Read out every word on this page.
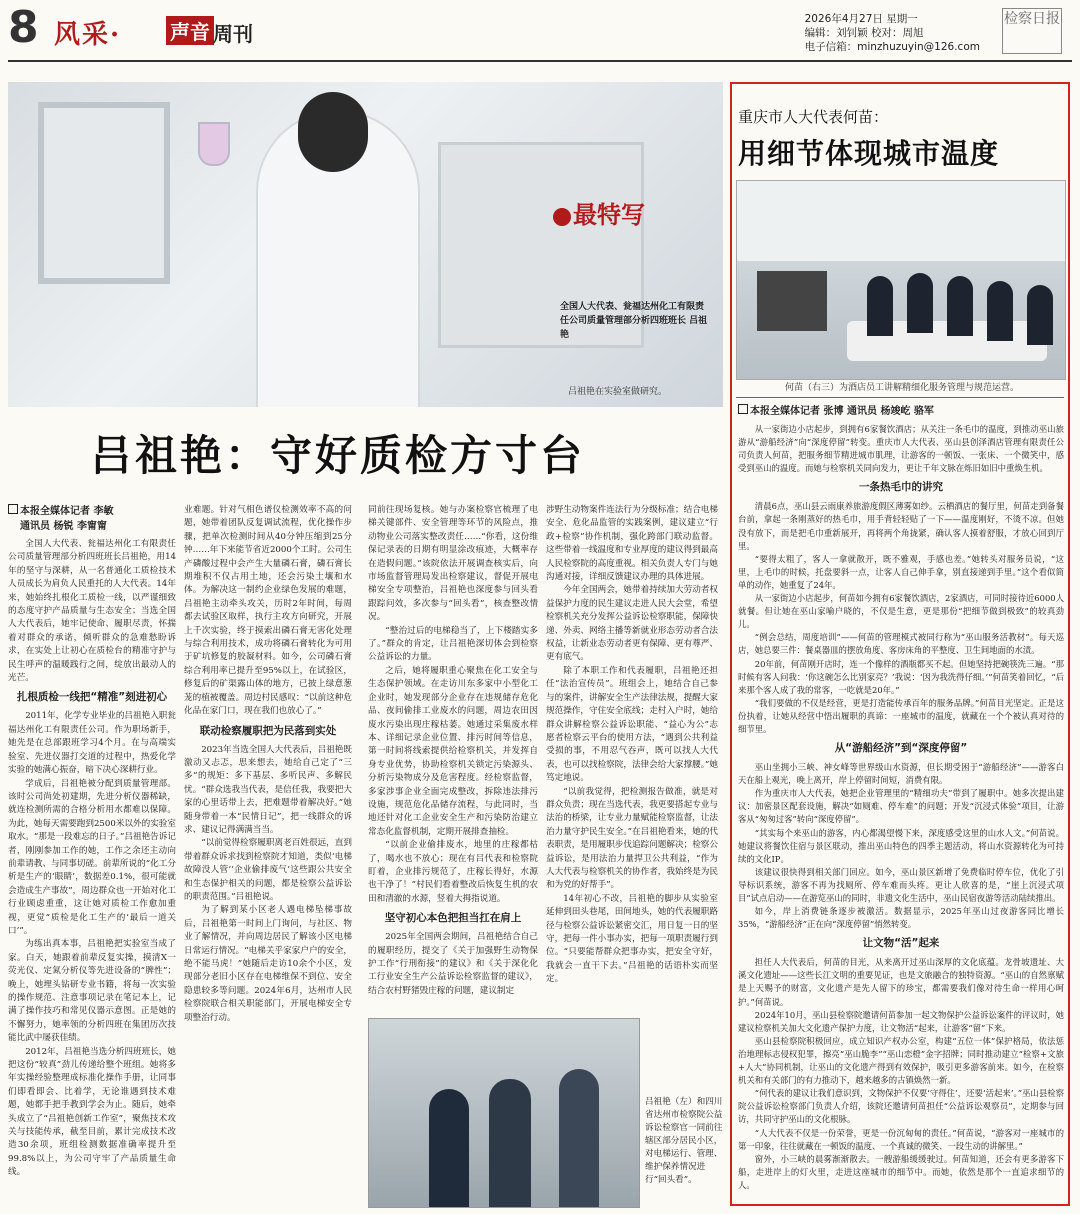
8 风采· 声音 周刊
2026年4月27日 星期一
编辑：刘钊颖 校对：周旭
电子信箱：minzhuzuyin@126.com
检察日报
最特写
全国人大代表、瓮福达州化工有限责任公司质量管理部分析四班班长 吕祖艳
吕祖艳在实验室做研究。
吕祖艳：守好质检方寸台
本报全媒体记者 李敏
通讯员 杨锐 李甯甯

全国人大代表、瓮福达州化工有限责任公司质量管理部分析四班班长吕祖艳，用14年的坚守与深耕，从一名普通化工质检技术人员成长为肩负人民重托的人大代表。14年来，她始终扎根化工质检一线，以严谨细致的态度守护产品质量与生态安全；当选全国人大代表后，她牢记使命、履职尽责，怀揣着对群众的承诺，倾听群众的急难愁盼诉求，在实处上让初心在质检台的精准守护与民生呼声的温暖践行之间，绽放出最动人的光芒。

扎根质检一线把“精准”刻进初心

2011年，化学专业毕业的吕祖艳入职瓮福达州化工有限责任公司。作为职场新手，她先是在总部跟班学习4个月。在与高端实验室、先进仪器打交道的过程中，热爱化学实验的她满心振奋，暗下决心深耕行业。

学成后，吕祖艳被分配到质量管理部。该时公司尚处初建期，先进分析仪器稀缺，就连检测所需的合格分析用水都难以保障。为此，她每天需要跑到2500米以外的实验室取水。“那是一段难忘的日子。”吕祖艳告诉记者，刚刚参加工作的她，工作之余还主动向前辈请教、与同事切磋。前辈所说的“化工分析是生产的‘眼睛’，数据差0.1%，很可能就会造成生产事故”，周边群众也一开始对化工行业顾虑重重，这让她对质检工作愈加重视，更觉“质检是化工生产的‘最后一道关口’”。

为练出真本事，吕祖艳把实验室当成了家。白天，她跟着前辈反复实操，摸清X一荧光仪、定氮分析仪等先进设备的“脾性”；晚上，她埋头钻研专业书籍，将每一次实验的操作规范、注意事项记录在笔记本上，记满了操作技巧和常见仪器示意图。正是她的不懈努力，她率领的分析四班在集团历次技能比武中屡获佳绩。

2012年，吕祖艳当选分析四班班长，她把这份“较真”劲儿传递给整个班组。她将多年实操经验整理成标准化操作手册，让同事们即看即会、比着学，无论谁遇到技术难题，她都手把手教到学会为止。随后，她牵头成立了“吕祖艳创新工作室”，聚焦技术攻关与技能传承，截至目前，累计完成技术改造30余项，班组检测数据准确率提升至99.8%以上，为公司守牢了产品质量生命线。

业难题。针对气相色谱仪检测效率不高的问题，她带着团队反复调试流程，优化操作步骤，把单次检测时间从40分钟压缩到25分钟……年下来能节省近2000个工时。公司生产磷酸过程中会产生大量磷石膏，磷石膏长期堆积不仅占用土地，还会污染土壤和水体。为解决这一制约企业绿色发展的难题，吕祖艳主动牵头攻关，历时2年时间，每周都去试验区取样，执行主攻方向研究，开展上千次实验，终于摸索出磷石膏无害化处理与综合利用技术，成功将磷石膏转化为可用于矿坑修复的胶凝材料。如今，公司磷石膏综合利用率已提升至95%以上，在试验区，修复后的矿渠露山体的地方，已披上绿意葱茏的植被覆盖。周边村民感叹：“以前这种危化品在家门口，现在我们也放心了。”

联动检察履职把为民落到实处

2023年当选全国人大代表后，吕祖艳既激动又忐忑，思来想去，她给自己定了“三多”的规矩：多下基层、多听民声、多解民忧。“群众选我当代表，是信任我，我要把大家的心里话带上去，把难题带着解决好。”她随身带着一本“民情日记”，把一线群众的诉求、建议记得满满当当。

“以前觉得检察履职离老百姓很远，直到带着群众诉求找到检察院才知道，类似‘电梯故障没人管’‘企业偷排废气’这些跟公共安全和生态保护相关的问题，都是检察公益诉讼的职责范围。”吕祖艳说。

为了解到某小区老人遇电梯坠梯事故后，吕祖艳第一时间上门询问，与社区、物业了解情况，并向周边居民了解该小区电梯日常运行情况。“电梯关乎家家户户的安全，绝不能马虎！”她随后走访10余个小区，发现部分老旧小区存在电梯维保不到位、安全隐患较多等问题。2024年6月，达州市人民检察院联合相关职能部门，开展电梯安全专项整治行动。

同前往现场复核。她与办案检察官梳理了电梯关键部件、安全管理等环节的风险点，推动物业公司落实整改责任……“你看，这份维保记录表的日期有明显涂改痕迹，大概率存在造假问题。”该院依法开展调查核实后，向市场监督管理局发出检察建议，督促开展电梯安全专项整治，吕祖艳也深度参与回头看跟踪问效，多次参与“回头看”，核查整改情况。

“整治过后的电梯稳当了，上下楼踏实多了。”群众的肯定，让吕祖艳深切体会到检察公益诉讼的力量。

之后，她将履职重心聚焦在化工安全与生态保护领域。在走访川东多家中小型化工企业时，她发现部分企业存在违规储存危化品、夜间偷排工业废水的问题，周边农田因废水污染出现庄稼枯萎。她通过采集废水样本、详细记录企业位置、排污时间等信息，第一时间将线索提供给检察机关，并发挥自身专业优势，协助检察机关锁定污染源头、分析污染物成分及危害程度。经检察监督，多家涉事企业全面完成整改，拆除违法排污设施，规范危化品储存流程，与此同时，当地还针对化工企业安全生产和污染防治建立常态化监督机制，定期开展排查抽检。

“以前企业偷排废水，地里的庄稼都枯了，喝水也不放心；现在有吕代表和检察院盯着，企业排污规范了，庄稼长得好，水源也干净了！”村民们看着整改后恢复生机的农田和清澈的水源，竖着大拇指说道。

坚守初心本色把担当扛在肩上

2025年全国两会期间，吕祖艳结合自己的履职经历，提交了《关于加强野生动物保护工作“行刑衔接”的建议》和《关于深化化工行业安全生产公益诉讼检察监督的建议》，结合农村野猪毁庄稼的问题，建议制定

涉野生动物案件连法行为分级标准；结合电梯安全、危化品监管的实践案例，建议建立“行政+检察”协作机制，强化跨部门联动监督。这些带着一线温度和专业厚度的建议得到最高人民检察院的高度重视。相关负责人专门与她沟通对接，详细反馈建议办理的具体进展。

今年全国两会，她带着持续加大劳动者权益保护力度的民生建议走进人民大会堂，希望检察机关充分发挥公益诉讼检察职能，保障快递、外卖、网络主播等新就业形态劳动者合法权益，让新业态劳动者更有保障、更有尊严、更有底气。

除了本职工作和代表履职，吕祖艳还担任“法治宣传员”。班组会上，她结合自己参与的案件，讲解安全生产法律法规，提醒大家规范操作，守住安全底线；走村入户时，她给群众讲解检察公益诉讼职能、“益心为公”志愿者检察云平台的使用方法，“遇到公共利益受损的事，不用忍气吞声，既可以找人大代表，也可以找检察院，法律会给大家撑腰。”她笃定地说。

“以前我觉得，把检测报告做准，就是对群众负责；现在当选代表，我更要搭起专业与法治的桥梁，让专业力量赋能检察监督，让法治力量守护民生安全。”在吕祖艳看来，她的代表职责，是用履职步伐追踪问题解决；检察公益诉讼，是用法治力量捍卫公共利益，“作为人大代表与检察机关的协作者，我始终是为民和为党的好帮手”。

14年初心不改，吕祖艳的脚步从实验室延伸到田头巷尾，田间地头，她的代表履职路径与检察公益诉讼紧密交汇，用日复一日的坚守，把每一件小事办实，把每一项职责履行到位。“只要能帮群众把事办实，把安全守好，我就会一直干下去。”吕祖艳的话语朴实而坚定。

吕祖艳（左）和四川省达州市检察院公益诉讼检察官一同前往辖区部分居民小区，对电梯运行、管理、维护保养情况进行“回头看”。
重庆市人大代表何苗：
用细节体现城市温度
何苗（右三）为酒店员工讲解精细化服务管理与规范运营。
本报全媒体记者 张博 通讯员 杨竣屹 骆军

从一家街边小店起步，到拥有6家餐饮酒店；从关注一条毛巾的温度，到推动巫山旅游从“游船经济”向“深度停留”转变。重庆市人大代表、巫山县创泽酒店管理有限责任公司负责人何苗，把服务细节精进城市肌理，让游客的一顿饭、一张床、一个微笑中，感受到巫山的温度。而她与检察机关同向发力，更让千年文脉在烁旧如旧中重焕生机。

一条热毛巾的讲究

清晨6点，巫山县云雨康养旅游度假区薄雾如纱。云栖酒店的餐厅里，何苗走到备餐台前，拿起一条刚蒸好的热毛巾，用手背轻轻贴了一下——温度刚好，不烫不凉。但她没有放下，而是把毛巾重新展开，再将两个角拢紧，确认客人摸着舒服，才放心回到厅里。

“要得太粗了，客人一拿就散开，既不雅观，手感也差。”她转头对服务员说，“这里，上毛巾的时候，托盘要斜一点，让客人自己伸手拿，别直接递到手里。”这个看似简单的动作，她重复了24年。

从一家街边小店起步，何苗如今拥有6家餐饮酒店，2家酒店，可同时接待近6000人就餐。但让她在巫山家喻户晓的，不仅是生意，更是那份“把细节做到极致”的较真劲儿。

“例会总结，周度培训”——何苗的管理模式被同行称为“巫山服务活教材”。每天巡店，她总要三件：餐桌器皿的摆放角度、客房床角的平整度、卫生间地面的水渍。

20年前，何苗刚开店时，连一个像样的酒瓶都买不起。但她坚持把碗筷洗三遍。“那时候有客人问我：‘你这碗怎么比别家亮？’我说：‘因为我洗得仔细。’”何苗笑着回忆，“后来那个客人成了我的常客，一吃就是20年。”

“我们要做的不仅是经营，更是打造能传承百年的服务品牌。”何苗目光坚定。正是这份执着，让她从经营中悟出履职的真谛：一座城市的温度，就藏在一个个被认真对待的细节里。

从“游船经济”到“深度停留”

巫山坐拥小三峡、神女峰等世界级山水资源，但长期受困于“游船经济”——游客白天在船上观光，晚上离开，岸上停留时间短，消费有限。

作为重庆市人大代表，她把企业管理里的“精细功夫”带到了履职中。她多次提出建议：加密景区配套设施，解决“如厕难、停车难”的问题；开发“沉浸式体验”项目，让游客从“匆匆过客”转向“深度停留”。

“其实每个来巫山的游客，内心都渴望慢下来，深度感受这里的山水人文。”何苗说。她建议将餐饮住宿与景区联动，推出巫山特色的四季主题活动，将山水资源转化为可持续的文化IP。

该建议很快得到相关部门回应。如今，巫山景区新增了免费临时停车位，优化了引导标识系统，游客不再为找厕所、停车难而头疼。更让人欣喜的是，“崖上沉浸式项目”试点启动——在游览巫山的同时，非遗文化生活中，巫山民宿夜游等活动陆续推出。

如今，岸上消费链条逐步被激活。数据显示，2025年巫山过夜游客同比增长35%，“游船经济”正在向“深度停留”悄然转变。

让文物“活”起来

担任人大代表后，何苗的目光，从来离开过巫山深厚的文化底蕴。龙骨坡遗址、大溪文化遗址——这些长江文明的重要见证，也是文旅融合的独特资源。“巫山的自然禀赋是上天赐予的财富，文化遗产是先人留下的珍宝，都需要我们像对待生命一样用心呵护。”何苗说。

2024年10月，巫山县检察院邀请何苗参加一起文物保护公益诉讼案件的评议时，她建议检察机关加大文化遗产保护力度，让文物活“起来，让游客“留”下来。

巫山县检察院积极回应，成立知识产权办公室，构建“五位一体”保护格局，依法惩治地理标志侵权犯罪，擦亮“巫山脆李”“巫山恋橙”金字招牌；同时推动建立“检察+文旅+人大”协同机制，让巫山的文化遗产得到有效保护，吸引更多游客前来。如今，在检察机关和有关部门的有力推动下，越来越多的古镇焕然一新。

“何代表的建议让我们意识到，文物保护不仅要‘守得住’，还要‘活起来’。”巫山县检察院公益诉讼检察部门负责人介绍，该院还邀请何苗担任“公益诉讼观察员”，定期参与回访，共同守护巫山的文化根脉。

“人大代表不仅是一份荣誉，更是一份沉甸甸的责任。”何苗说，“游客对一座城市的第一印象，往往就藏在一顿饭的温度、一个真诚的微笑、一段生动的讲解里。”

窗外，小三峡的晨雾渐渐散去。一艘游船缓缓驶过。何苗知道，还会有更多游客下船，走进岸上的灯火里，走进这座城市的细节中。而她，依然是那个一直追求细节的人。
